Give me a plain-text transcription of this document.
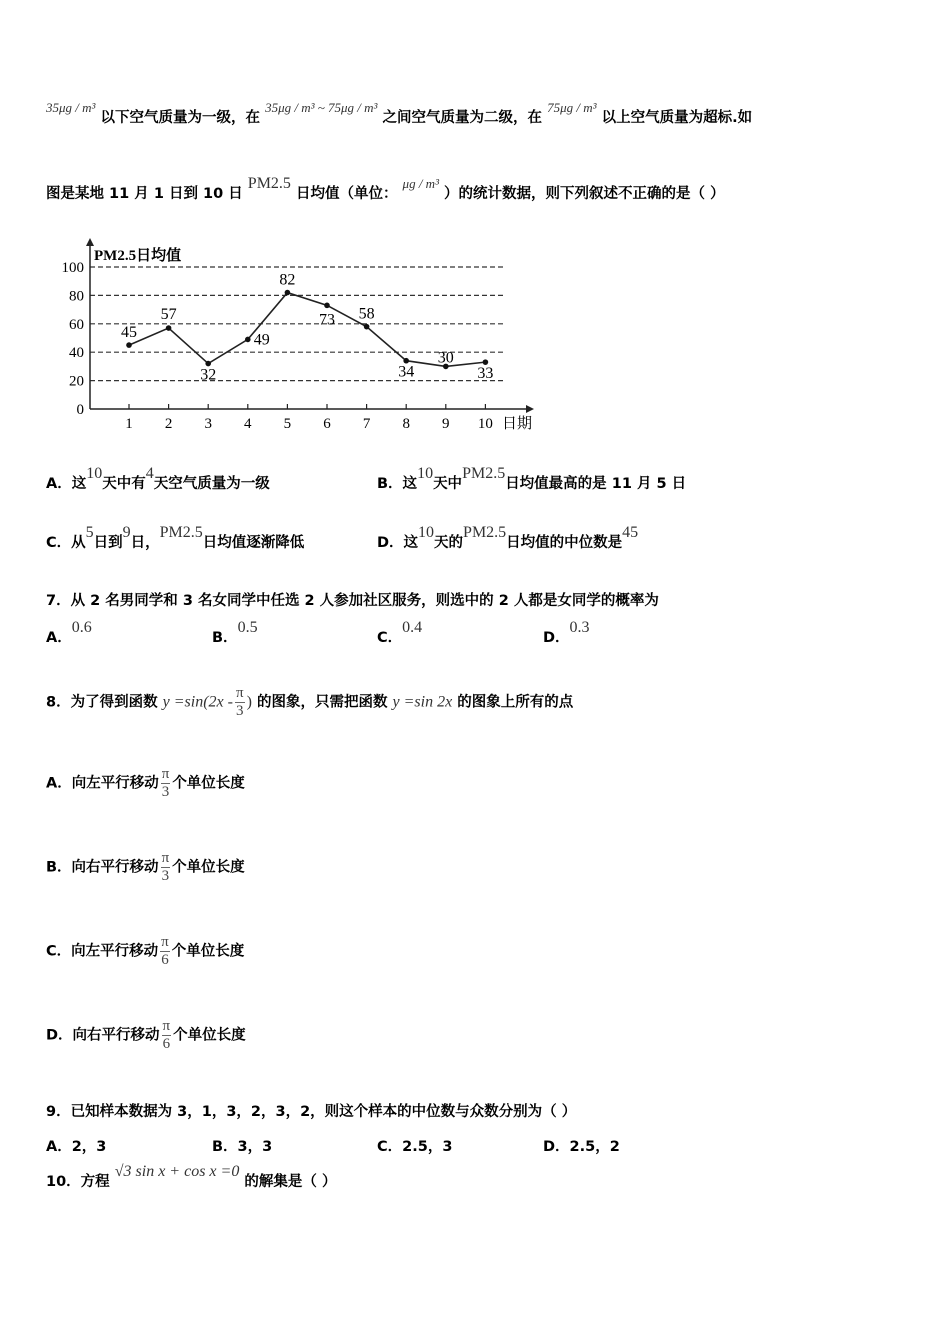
35μg / m³ 以下空气质量为一级，在 35μg / m³ ~ 75μg / m³ 之间空气质量为二级，在 75μg / m³ 以上空气质量为超标.如
图是某地 11 月 1 日到 10 日 PM2.5 日均值（单位： μg / m³ ）的统计数据，则下列叙述不正确的是（ ）
PM2.5日均值
0
20
40
60
80
100
1 2 3 4 5 6 7 8 9 10
45
57
32
49
82
73 58
34
30
33
日期
A．这10天中有4天空气质量为一级	B．这10天中PM2.5日均值最高的是 11 月 5 日
C．从5日到9日，PM2.5日均值逐渐降低	D．这10天的PM2.5日均值的中位数是45
7．从 2 名男同学和 3 名女同学中任选 2 人参加社区服务，则选中的 2 人都是女同学的概率为
A．0.6
B．0.5
C．0.4
D．0.3
8．为了得到函数 $y =\sin(2x - \frac{\pi}{3}$ ) 的图象，只需把函数 y =sin 2x 的图象上所有的点
A．向左平行移动 $\frac{\pi}{3}$ 个单位长度
B．向右平行移动 $\frac{\pi}{3}$ 个单位长度
C．向左平行移动 $\frac{\pi}{6}$ 个单位长度
D．向右平行移动 $\frac{\pi}{6}$ 个单位长度
9．已知样本数据为 3，1，3，2，3，2，则这个样本的中位数与众数分别为（ ）
A．2，3	B．3，3	C．2.5，3	D．2.5，2
10．方程 √3 sin x + cos x =0 的解集是（ ）
